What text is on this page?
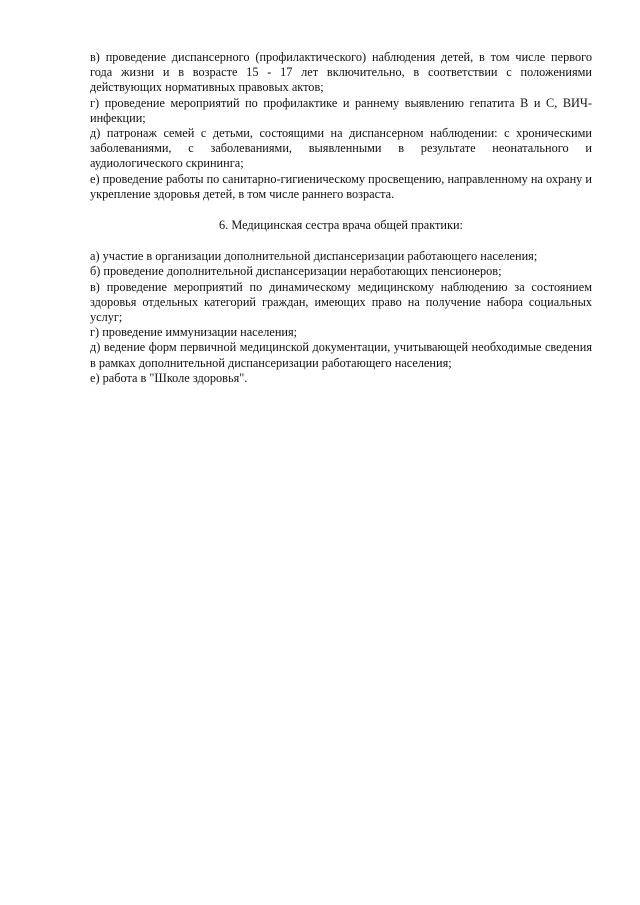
в) проведение диспансерного (профилактического) наблюдения детей, в том числе первого года жизни и в возрасте 15 - 17 лет включительно, в соответствии с положениями действующих нормативных правовых актов;

г) проведение мероприятий по профилактике и раннему выявлению гепатита В и С, ВИЧ-инфекции;

д) патронаж семей с детьми, состоящими на диспансерном наблюдении: с хроническими заболеваниями, с заболеваниями, выявленными в результате неонатального и аудиологического скрининга;

е) проведение работы по санитарно-гигиеническому просвещению, направленному на охрану и укрепление здоровья детей, в том числе раннего возраста.

6. Медицинская сестра врача общей практики:

а) участие в организации дополнительной диспансеризации работающего населения;

б) проведение дополнительной диспансеризации неработающих пенсионеров;

в) проведение мероприятий по динамическому медицинскому наблюдению за состоянием здоровья отдельных категорий граждан, имеющих право на получение набора социальных услуг;

г) проведение иммунизации населения;

д) ведение форм первичной медицинской документации, учитывающей необходимые сведения в рамках дополнительной диспансеризации работающего населения;

е) работа в "Школе здоровья".
